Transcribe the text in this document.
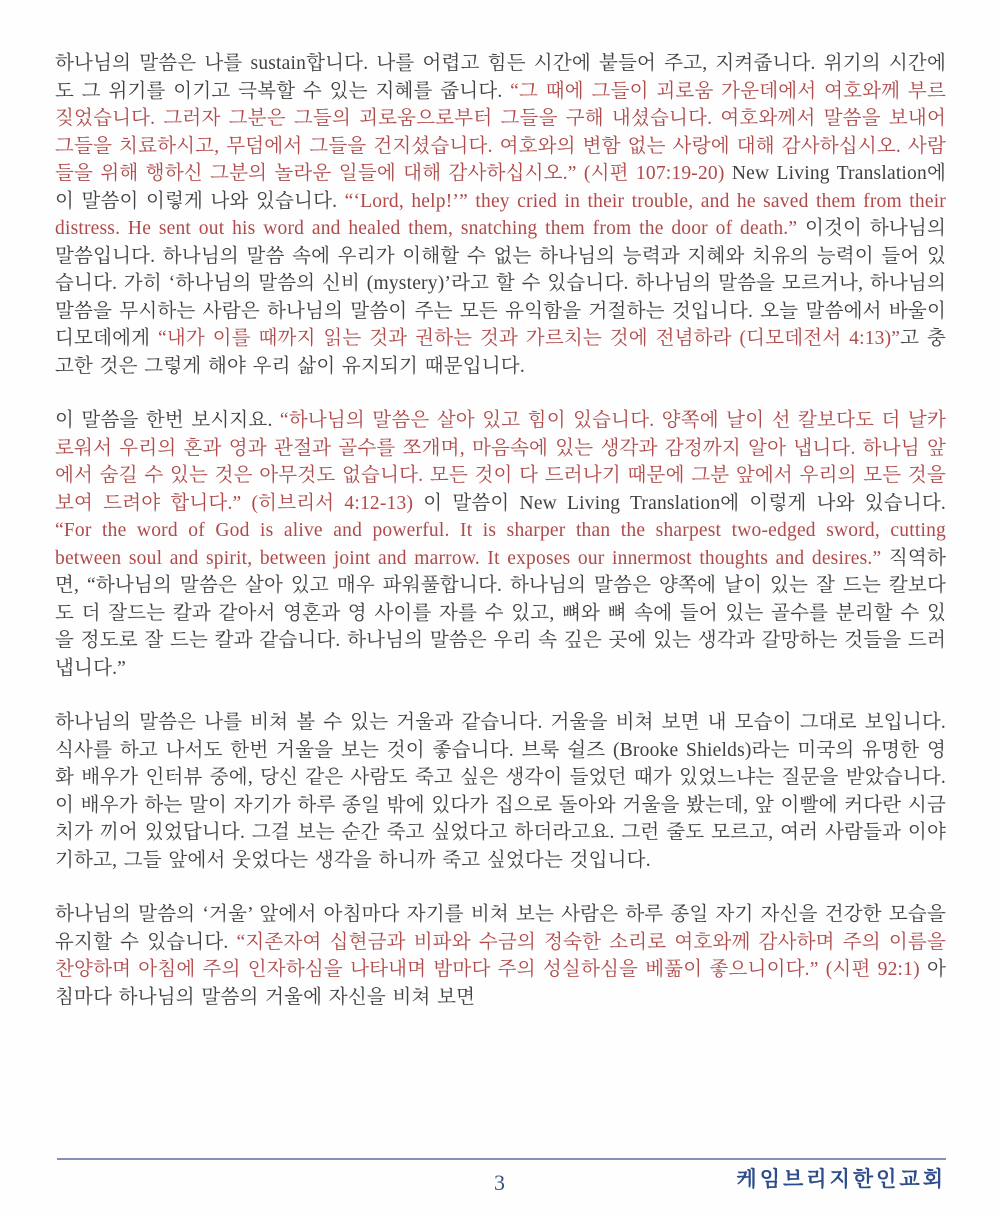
하나님의 말씀은 나를 sustain합니다. 나를 어렵고 힘든 시간에 붙들어 주고, 지켜줍니다. 위기의 시간에도 그 위기를 이기고 극복할 수 있는 지혜를 줍니다. “그 때에 그들이 괴로움 가운데에서 여호와께 부르짖었습니다. 그러자 그분은 그들의 괴로움으로부터 그들을 구해 내셨습니다. 여호와께서 말씀을 보내어 그들을 치료하시고, 무덤에서 그들을 건지셨습니다. 여호와의 변함 없는 사랑에 대해 감사하십시오. 사람들을 위해 행하신 그분의 놀라운 일들에 대해 감사하십시오.” (시편 107:19-20) New Living Translation에 이 말씀이 이렇게 나와 있습니다. “‘Lord, help!’” they cried in their trouble, and he saved them from their distress. He sent out his word and healed them, snatching them from the door of death.” 이것이 하나님의 말씀입니다. 하나님의 말씀 속에 우리가 이해할 수 없는 하나님의 능력과 지혜와 치유의 능력이 들어 있습니다. 가히 ‘하나님의 말씀의 신비 (mystery)’라고 할 수 있습니다. 하나님의 말씀을 모르거나, 하나님의 말씀을 무시하는 사람은 하나님의 말씀이 주는 모든 유익함을 거절하는 것입니다. 오늘 말씀에서 바울이 디모데에게 “내가 이를 때까지 읽는 것과 권하는 것과 가르치는 것에 전념하라 (디모데전서 4:13)”고 충고한 것은 그렇게 해야 우리 삶이 유지되기 때문입니다.

이 말씀을 한번 보시지요. “하나님의 말씀은 살아 있고 힘이 있습니다. 양쪽에 날이 선 칼보다도 더 날카로워서 우리의 혼과 영과 관절과 골수를 쪼개며, 마음속에 있는 생각과 감정까지 알아 냅니다. 하나님 앞에서 숨길 수 있는 것은 아무것도 없습니다. 모든 것이 다 드러나기 때문에 그분 앞에서 우리의 모든 것을 보여 드려야 합니다.” (히브리서 4:12-13) 이 말씀이 New Living Translation에 이렇게 나와 있습니다. “For the word of God is alive and powerful. It is sharper than the sharpest two-edged sword, cutting between soul and spirit, between joint and marrow. It exposes our innermost thoughts and desires.” 직역하면, “하나님의 말씀은 살아 있고 매우 파워풀합니다. 하나님의 말씀은 양쪽에 날이 있는 잘 드는 칼보다도 더 잘드는 칼과 같아서 영혼과 영 사이를 자를 수 있고, 뼈와 뼈 속에 들어 있는 골수를 분리할 수 있을 정도로 잘 드는 칼과 같습니다. 하나님의 말씀은 우리 속 깊은 곳에 있는 생각과 갈망하는 것들을 드러냅니다.”

하나님의 말씀은 나를 비쳐 볼 수 있는 거울과 같습니다. 거울을 비쳐 보면 내 모습이 그대로 보입니다. 식사를 하고 나서도 한번 거울을 보는 것이 좋습니다. 브룩 쉴즈 (Brooke Shields)라는 미국의 유명한 영화 배우가 인터뷰 중에, 당신 같은 사람도 죽고 싶은 생각이 들었던 때가 있었느냐는 질문을 받았습니다. 이 배우가 하는 말이 자기가 하루 종일 밖에 있다가 집으로 돌아와 거울을 봤는데, 앞 이빨에 커다란 시금치가 끼어 있었답니다. 그걸 보는 순간 죽고 싶었다고 하더라고요. 그런 줄도 모르고, 여러 사람들과 이야기하고, 그들 앞에서 웃었다는 생각을 하니까 죽고 싶었다는 것입니다.

하나님의 말씀의 ‘거울’ 앞에서 아침마다 자기를 비쳐 보는 사람은 하루 종일 자기 자신을 건강한 모습을 유지할 수 있습니다. “지존자여 십현금과 비파와 수금의 정숙한 소리로 여호와께 감사하며 주의 이름을 찬양하며 아침에 주의 인자하심을 나타내며 밤마다 주의 성실하심을 베풂이 좋으니이다.” (시편 92:1) 아침마다 하나님의 말씀의 거울에 자신을 비쳐 보면

케임브리지한인교회
3
